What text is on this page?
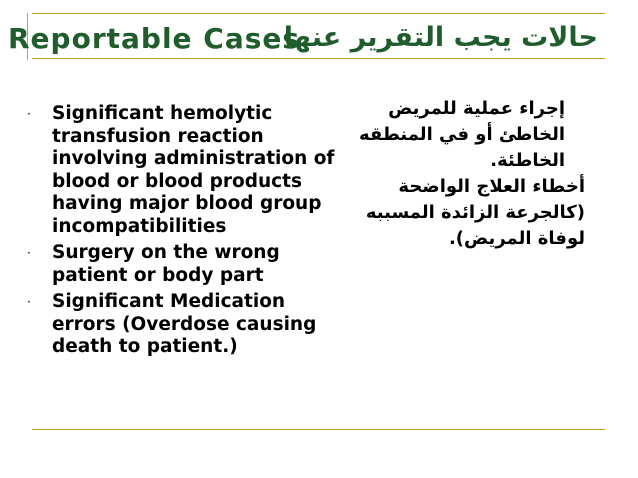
Reportable Cases
حالات يجب التقرير عنها
· Significant hemolytic transfusion reaction involving administration of blood or blood products having major blood group incompatibilities
· Surgery on the wrong patient or body part
· Significant Medication errors (Overdose causing death to patient.)

إجراء عملية للمريض الخاطئ أو في المنطقه الخاطئة.

أخطاء العلاج الواضحة (كالجرعة الزائدة المسببه لوفاة المريض).
